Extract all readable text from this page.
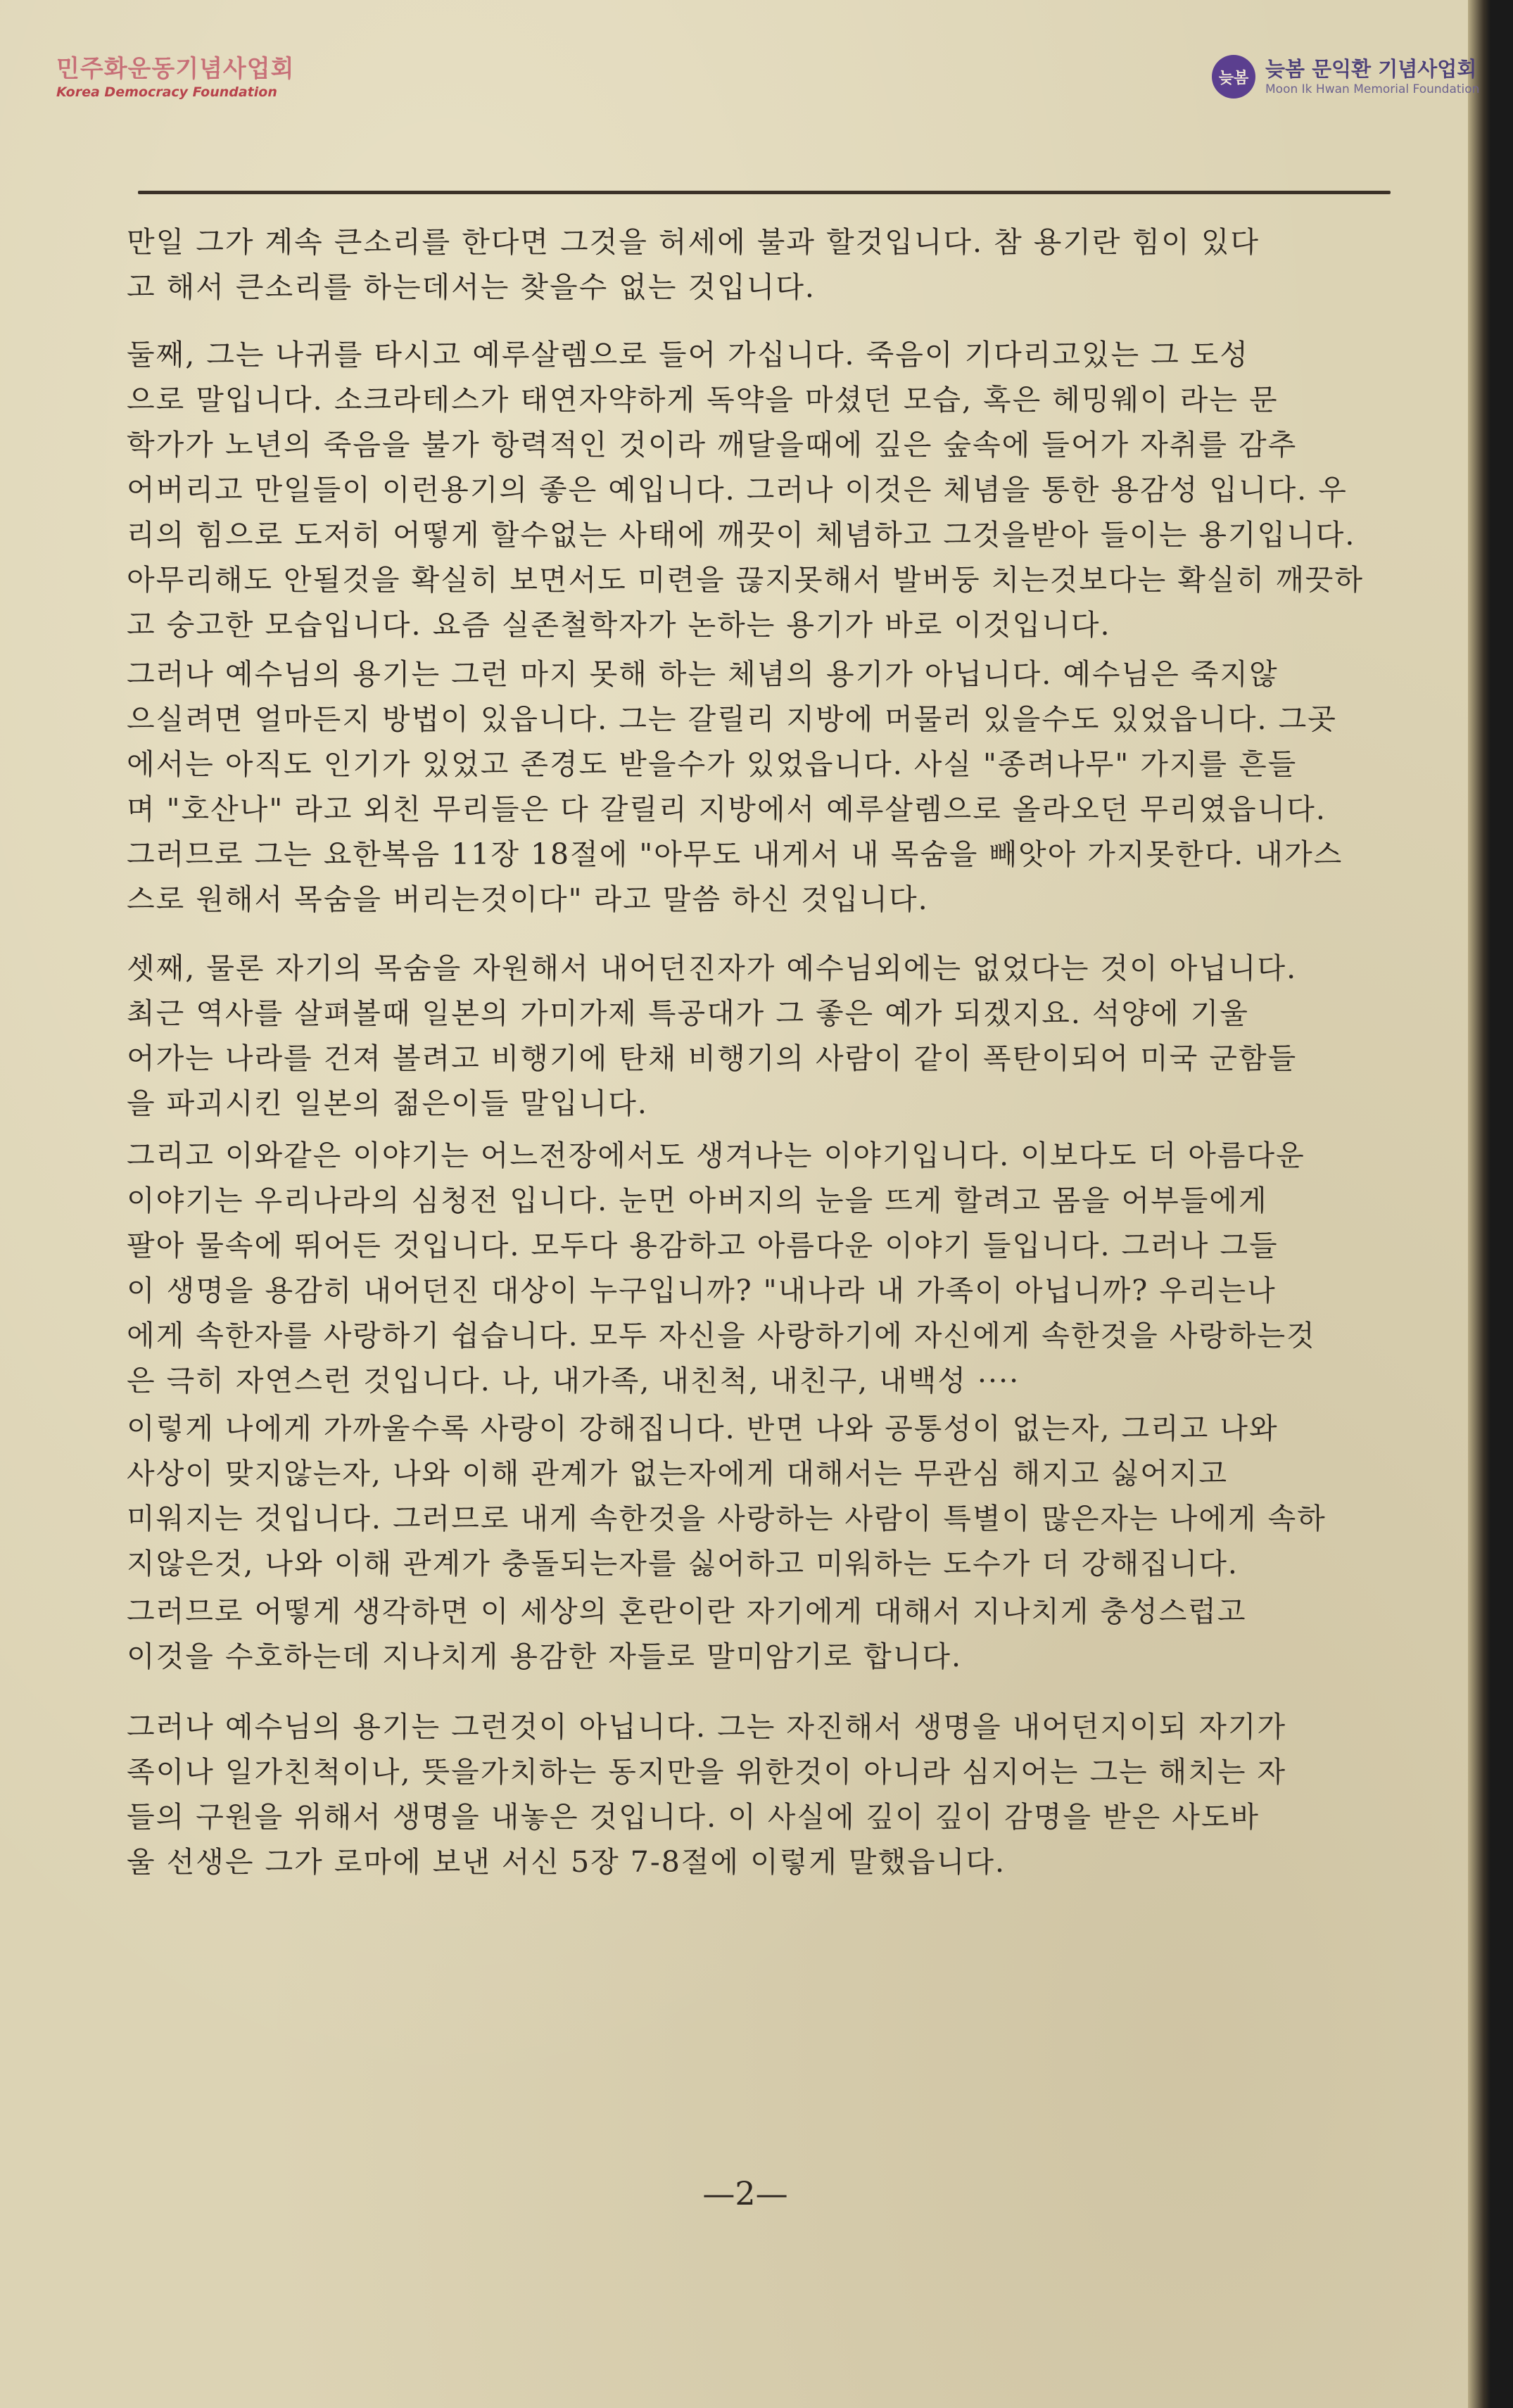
민주화운동기념사업회
Korea Democracy Foundation
늦봄 늦봄 문익환 기념사업회
Moon Ik Hwan Memorial Foundation
만일 그가 계속 큰소리를 한다면 그것을 허세에 불과 할것입니다. 참 용기란 힘이 있다
고 해서 큰소리를 하는데서는 찾을수 없는 것입니다.
둘째, 그는 나귀를 타시고 예루살렘으로 들어 가십니다. 죽음이 기다리고있는 그 도성
으로 말입니다. 소크라테스가 태연자약하게 독약을 마셨던 모습, 혹은 헤밍웨이 라는 문
학가가 노년의 죽음을 불가 항력적인 것이라 깨달을때에 깊은 숲속에 들어가 자취를 감추
어버리고 만일들이 이런용기의 좋은 예입니다. 그러나 이것은 체념을 통한 용감성 입니다. 우
리의 힘으로 도저히 어떻게 할수없는 사태에 깨끗이 체념하고 그것을받아 들이는 용기입니다.
아무리해도 안될것을 확실히 보면서도 미련을 끊지못해서 발버둥 치는것보다는 확실히 깨끗하
고 숭고한 모습입니다. 요즘 실존철학자가 논하는 용기가 바로 이것입니다.
그러나 예수님의 용기는 그런 마지 못해 하는 체념의 용기가 아닙니다. 예수님은 죽지않
으실려면 얼마든지 방법이 있읍니다. 그는 갈릴리 지방에 머물러 있을수도 있었읍니다. 그곳
에서는 아직도 인기가 있었고 존경도 받을수가 있었읍니다. 사실 "종려나무" 가지를 흔들
며 "호산나" 라고 외친 무리들은 다 갈릴리 지방에서 예루살렘으로 올라오던 무리였읍니다.
그러므로 그는 요한복음 11장 18절에 "아무도 내게서 내 목숨을 빼앗아 가지못한다. 내가스
스로 원해서 목숨을 버리는것이다" 라고 말씀 하신 것입니다.
셋째, 물론 자기의 목숨을 자원해서 내어던진자가 예수님외에는 없었다는 것이 아닙니다.
최근 역사를 살펴볼때 일본의 가미가제 특공대가 그 좋은 예가 되겠지요. 석양에 기울
어가는 나라를 건져 볼려고 비행기에 탄채 비행기의 사람이 같이 폭탄이되어 미국 군함들
을 파괴시킨 일본의 젊은이들 말입니다.
그리고 이와같은 이야기는 어느전장에서도 생겨나는 이야기입니다. 이보다도 더 아름다운
이야기는 우리나라의 심청전 입니다. 눈먼 아버지의 눈을 뜨게 할려고 몸을 어부들에게
팔아 물속에 뛰어든 것입니다. 모두다 용감하고 아름다운 이야기 들입니다. 그러나 그들
이 생명을 용감히 내어던진 대상이 누구입니까? "내나라 내 가족이 아닙니까? 우리는나
에게 속한자를 사랑하기 쉽습니다. 모두 자신을 사랑하기에 자신에게 속한것을 사랑하는것
은 극히 자연스런 것입니다. 나, 내가족, 내친척, 내친구, 내백성 ····
이렇게 나에게 가까울수록 사랑이 강해집니다. 반면 나와 공통성이 없는자, 그리고 나와
사상이 맞지않는자, 나와 이해 관계가 없는자에게 대해서는 무관심 해지고 싫어지고
미워지는 것입니다. 그러므로 내게 속한것을 사랑하는 사람이 특별이 많은자는 나에게 속하
지않은것, 나와 이해 관계가 충돌되는자를 싫어하고 미워하는 도수가 더 강해집니다.
그러므로 어떻게 생각하면 이 세상의 혼란이란 자기에게 대해서 지나치게 충성스럽고
이것을 수호하는데 지나치게 용감한 자들로 말미암기로 합니다.
그러나 예수님의 용기는 그런것이 아닙니다. 그는 자진해서 생명을 내어던지이되 자기가
족이나 일가친척이나, 뜻을가치하는 동지만을 위한것이 아니라 심지어는 그는 해치는 자
들의 구원을 위해서 생명을 내놓은 것입니다. 이 사실에 깊이 깊이 감명을 받은 사도바
울 선생은 그가 로마에 보낸 서신 5장 7-8절에 이렇게 말했읍니다.
—2—
